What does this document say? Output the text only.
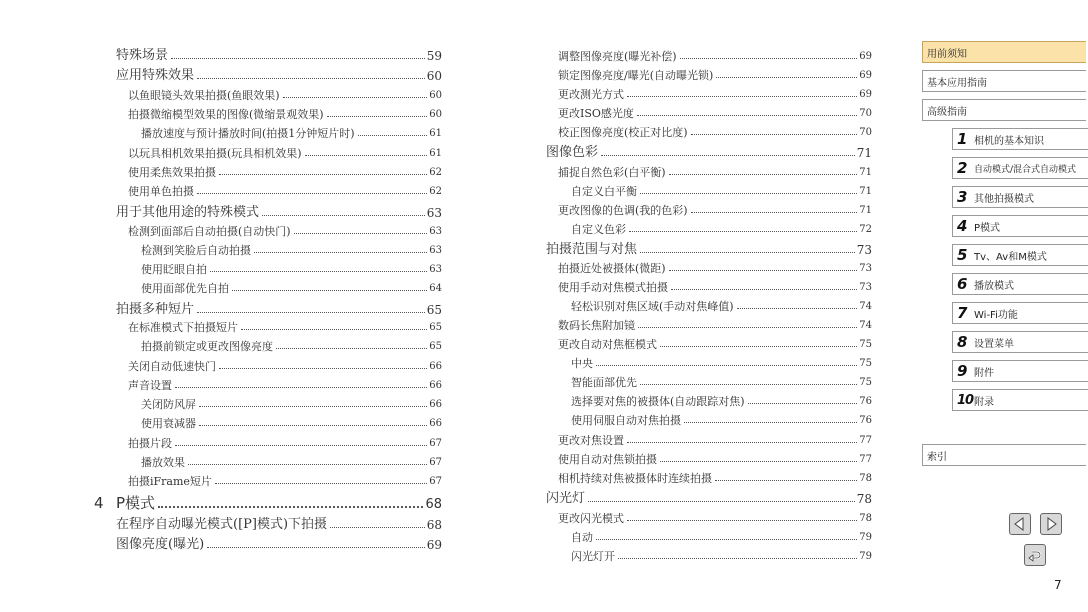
特殊场景	59
应用特殊效果	60
以鱼眼镜头效果拍摄(鱼眼效果)	60
拍摄微缩模型效果的图像(微缩景观效果)	60
播放速度与预计播放时间(拍摄1分钟短片时)	61
以玩具相机效果拍摄(玩具相机效果)	61
使用柔焦效果拍摄	62
使用单色拍摄	62
用于其他用途的特殊模式	63
检测到面部后自动拍摄(自动快门)	63
检测到笑脸后自动拍摄	63
使用眨眼自拍	63
使用面部优先自拍	64
拍摄多种短片	65
在标准模式下拍摄短片	65
拍摄前锁定或更改图像亮度	65
关闭自动低速快门	66
声音设置	66
关闭防风屏	66
使用衰减器	66
拍摄片段	67
播放效果	67
拍摄iFrame短片	67
4 P模式	68
在程序自动曝光模式([P]模式)下拍摄	68
图像亮度(曝光)	69
调整图像亮度(曝光补偿)	69
锁定图像亮度/曝光(自动曝光锁)	69
更改测光方式	69
更改ISO感光度	70
校正图像亮度(校正对比度)	70
图像色彩	71
捕捉自然色彩(白平衡)	71
自定义白平衡	71
更改图像的色调(我的色彩)	71
自定义色彩	72
拍摄范围与对焦	73
拍摄近处被摄体(微距)	73
使用手动对焦模式拍摄	73
轻松识别对焦区域(手动对焦峰值)	74
数码长焦附加镜	74
更改自动对焦框模式	75
中央	75
智能面部优先	75
选择要对焦的被摄体(自动跟踪对焦)	76
使用伺服自动对焦拍摄	76
更改对焦设置	77
使用自动对焦锁拍摄	77
相机持续对焦被摄体时连续拍摄	78
闪光灯	78
更改闪光模式	78
自动	79
闪光灯开	79
用前须知
基本应用指南
高级指南
1 相机的基本知识
2 自动模式/混合式自动模式
3 其他拍摄模式
4 P模式
5 Tv、Av和M模式
6 播放模式
7 Wi-Fi功能
8 设置菜单
9 附件
10 附录
索引
7
